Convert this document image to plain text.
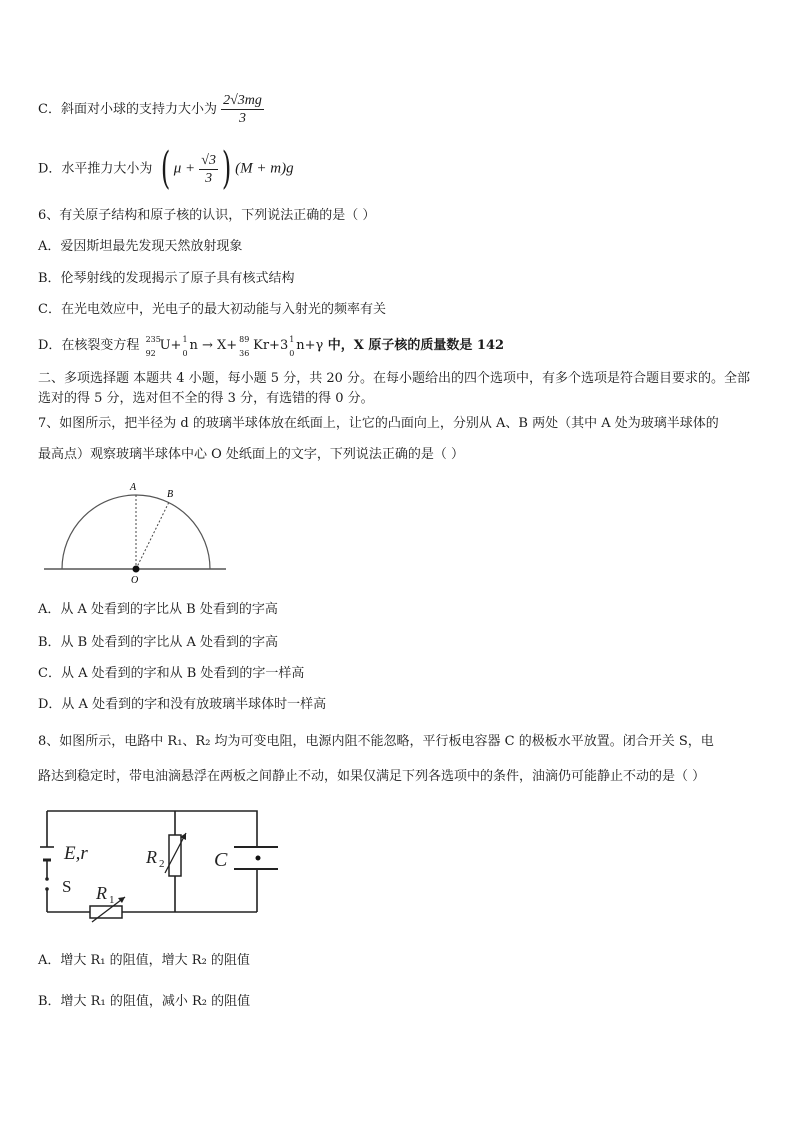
C．斜面对小球的支持力大小为 $\frac{2√3mg}{3}$
D．水平推力大小为 ( $\mu + \frac{√3}{3}$ ) (M + m)g
6、有关原子结构和原子核的认识，下列说法正确的是（ ）
A．爱因斯坦最先发现天然放射现象
B．伦琴射线的发现揭示了原子具有核式结构
C．在光电效应中，光电子的最大初动能与入射光的频率有关
D．在核裂变方程 235
92
U+ 1
0
n → X+ 89
36
Kr+3 1
0
n+γ 中，X 原子核的质量数是 142
二、多项选择题 本题共 4 小题，每小题 5 分，共 20 分。在每小题给出的四个选项中，有多个选项是符合题目要求的。全部选对的得 5 分，选对但不全的得 3 分，有选错的得 0 分。
7、如图所示，把半径为 d 的玻璃半球体放在纸面上，让它的凸面向上，分别从 A、B 两处（其中 A 处为玻璃半球体的
最高点）观察玻璃半球体中心 O 处纸面上的文字，下列说法正确的是（ ）
A
B
O
A．从 A 处看到的字比从 B 处看到的字高
B．从 B 处看到的字比从 A 处看到的字高
C．从 A 处看到的字和从 B 处看到的字一样高
D．从 A 处看到的字和没有放玻璃半球体时一样高
8、如图所示，电路中 R₁、R₂ 均为可变电阻，电源内阻不能忽略，平行板电容器 C 的极板水平放置。闭合开关 S，电
路达到稳定时，带电油滴悬浮在两板之间静止不动，如果仅满足下列各选项中的条件，油滴仍可能静止不动的是（ ）
E,r
S R 1
R 2 C
A．增大 R₁ 的阻值，增大 R₂ 的阻值
B．增大 R₁ 的阻值，减小 R₂ 的阻值
